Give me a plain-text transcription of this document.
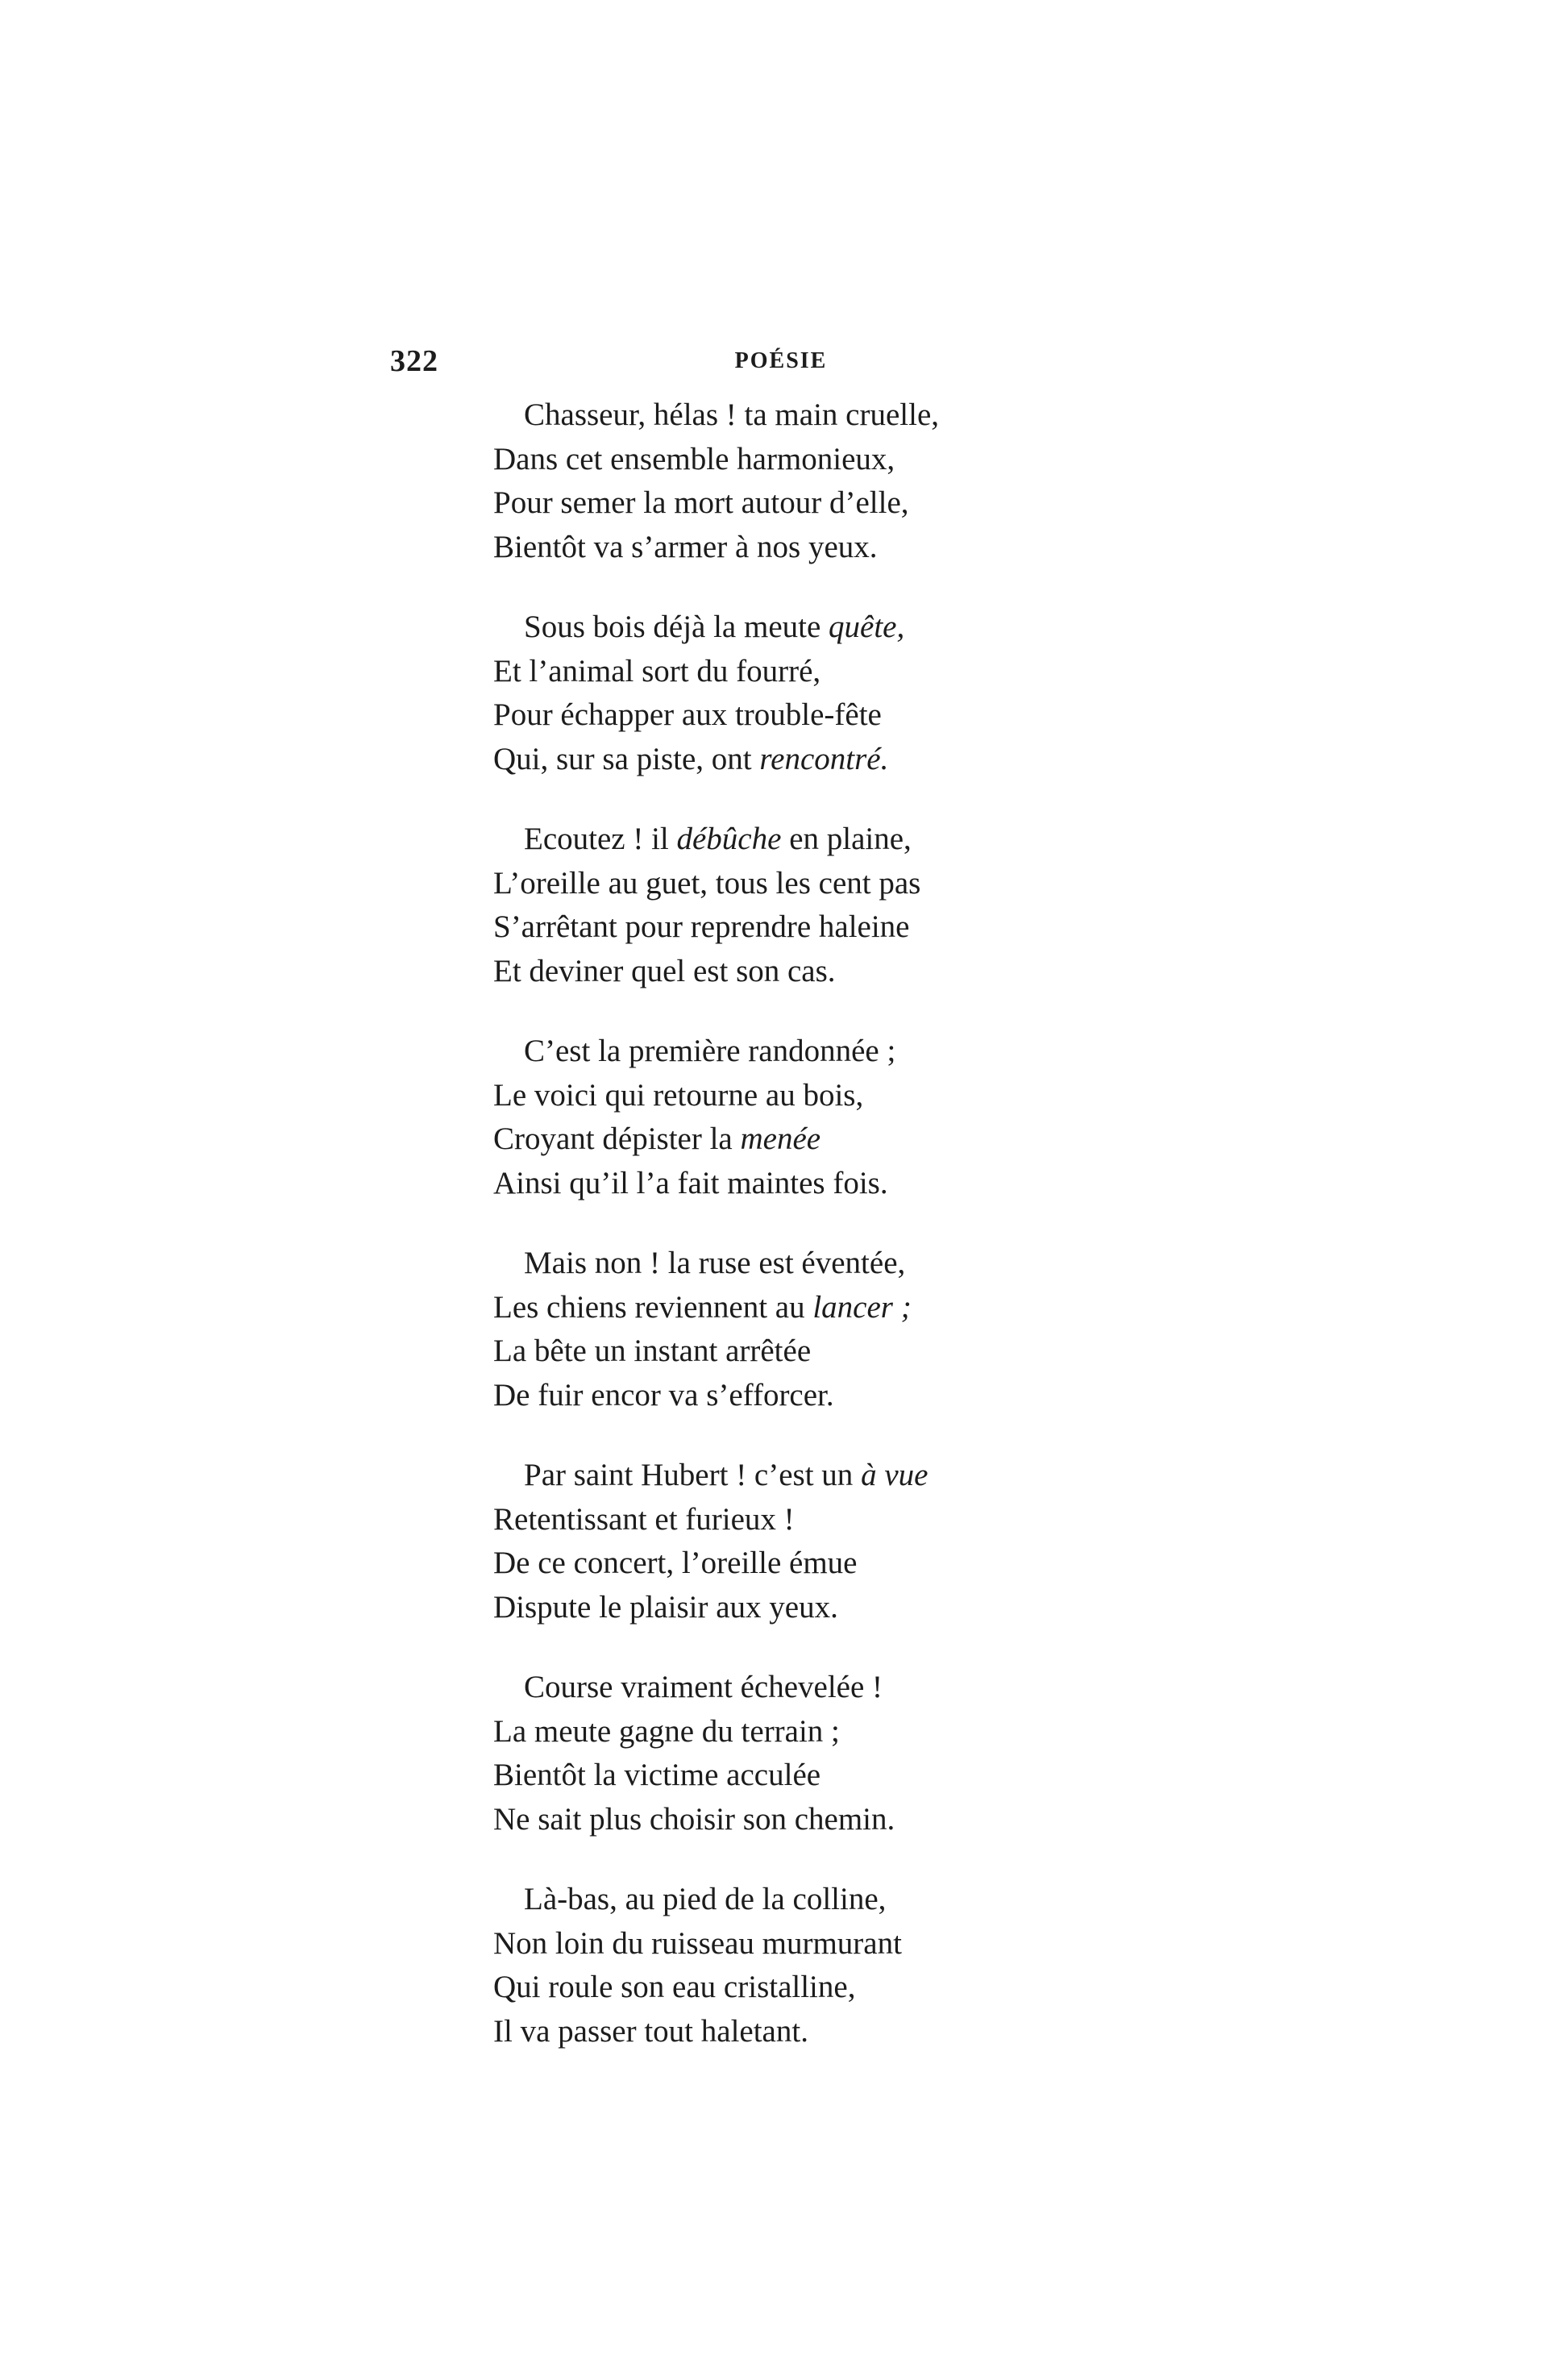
322	POÉSIE
Chasseur, hélas ! ta main cruelle,
Dans cet ensemble harmonieux,
Pour semer la mort autour d’elle,
Bientôt va s’armer à nos yeux.
Sous bois déjà la meute quête,
Et l’animal sort du fourré,
Pour échapper aux trouble-fête
Qui, sur sa piste, ont rencontré.
Ecoutez ! il débûche en plaine,
L’oreille au guet, tous les cent pas
S’arrêtant pour reprendre haleine
Et deviner quel est son cas.
C’est la première randonnée ;
Le voici qui retourne au bois,
Croyant dépister la menée
Ainsi qu’il l’a fait maintes fois.
Mais non ! la ruse est éventée,
Les chiens reviennent au lancer ;
La bête un instant arrêtée
De fuir encor va s’efforcer.
Par saint Hubert ! c’est un à vue
Retentissant et furieux !
De ce concert, l’oreille émue
Dispute le plaisir aux yeux.
Course vraiment échevelée !
La meute gagne du terrain ;
Bientôt la victime acculée
Ne sait plus choisir son chemin.
Là-bas, au pied de la colline,
Non loin du ruisseau murmurant
Qui roule son eau cristalline,
Il va passer tout haletant.
